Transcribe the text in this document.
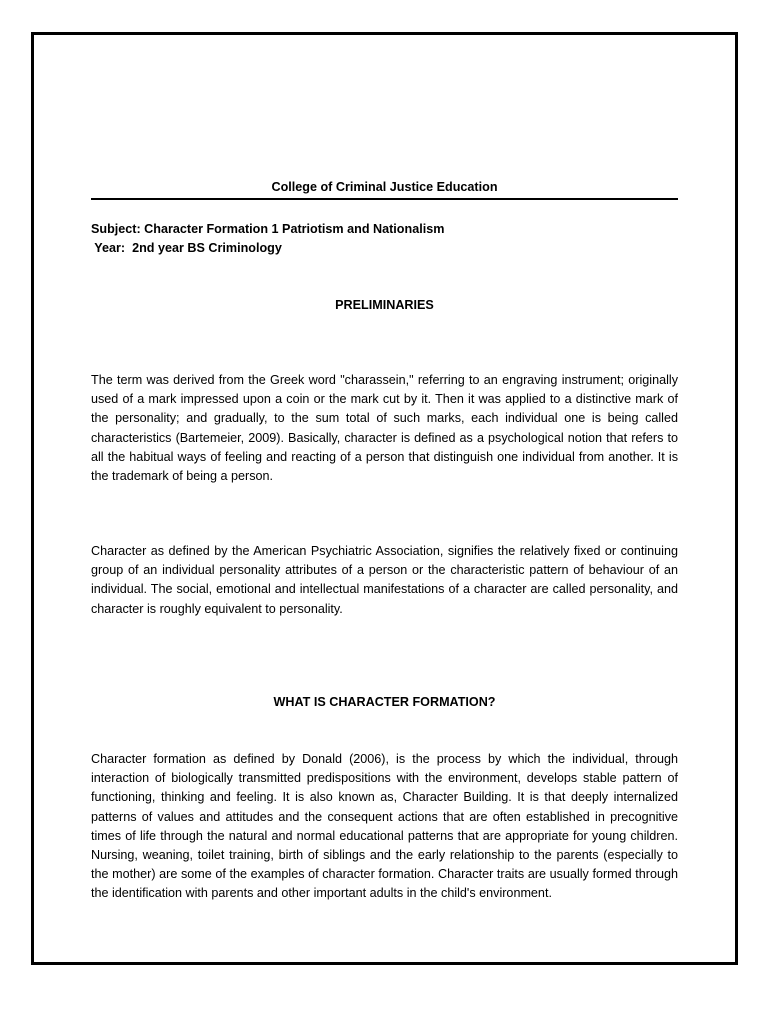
College of Criminal Justice Education
Subject: Character Formation 1 Patriotism and Nationalism
Year:  2nd year BS Criminology
PRELIMINARIES

The term was derived from the Greek word "charassein," referring to an engraving instrument; originally used of a mark impressed upon a coin or the mark cut by it. Then it was applied to a distinctive mark of the personality; and gradually, to the sum total of such marks, each individual one is being called characteristics (Bartemeier, 2009). Basically, character is defined as a psychological notion that refers to all the habitual ways of feeling and reacting of a person that distinguish one individual from another. It is the trademark of being a person.

Character as defined by the American Psychiatric Association, signifies the relatively fixed or continuing group of an individual personality attributes of a person or the characteristic pattern of behaviour of an individual. The social, emotional and intellectual manifestations of a character are called personality, and character is roughly equivalent to personality.

WHAT IS CHARACTER FORMATION?

Character formation as defined by Donald (2006), is the process by which the individual, through interaction of biologically transmitted predispositions with the environment, develops stable pattern of functioning, thinking and feeling. It is also known as, Character Building. It is that deeply internalized patterns of values and attitudes and the consequent actions that are often established in precognitive times of life through the natural and normal educational patterns that are appropriate for young children. Nursing, weaning, toilet training, birth of siblings and the early relationship to the parents (especially to the mother) are some of the examples of character formation. Character traits are usually formed through the identification with parents and other important adults in the child's environment.
